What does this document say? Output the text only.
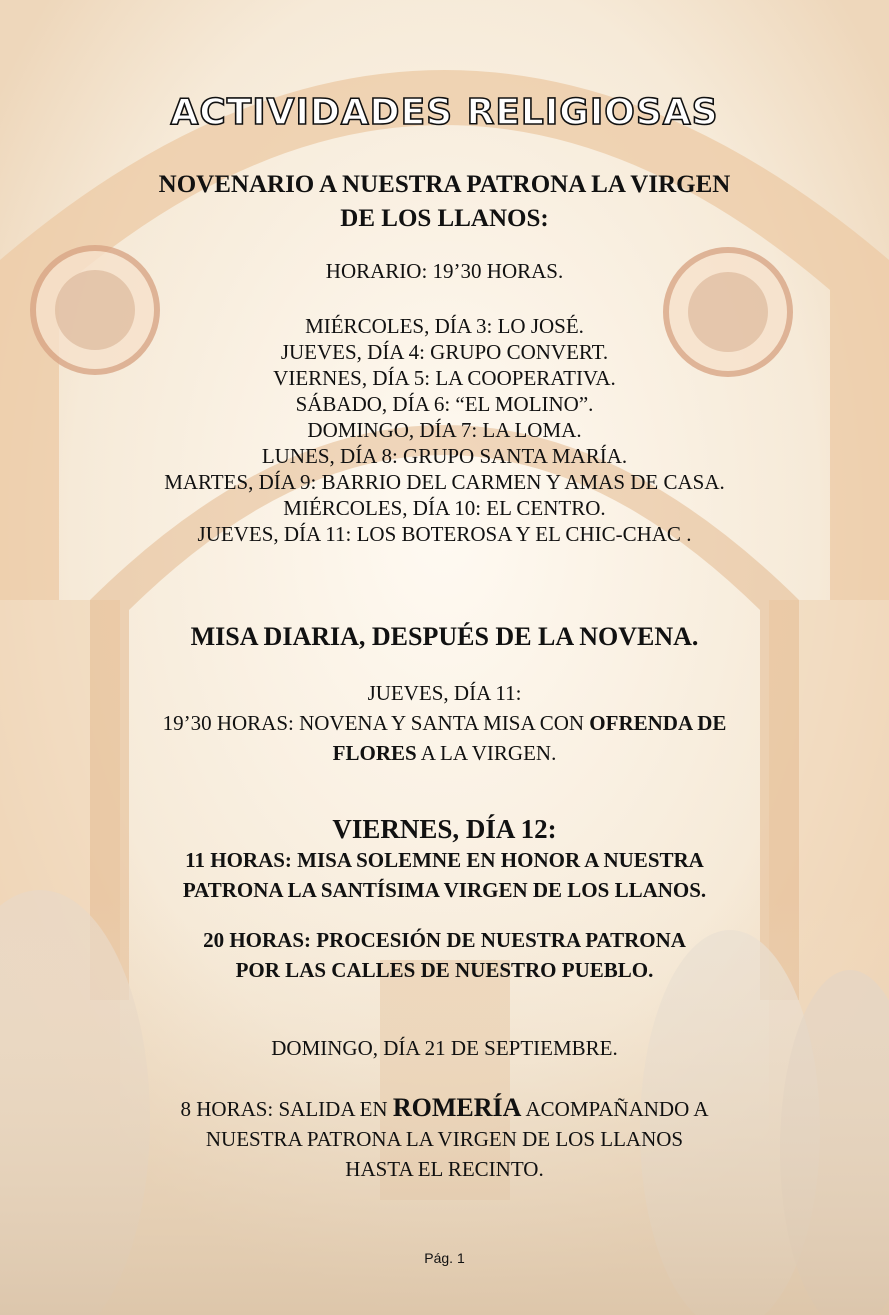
ACTIVIDADES RELIGIOSAS
NOVENARIO A NUESTRA PATRONA LA VIRGEN
DE LOS LLANOS:
HORARIO: 19’30 HORAS.
MIÉRCOLES, DÍA 3: LO JOSÉ.
JUEVES, DÍA 4: GRUPO CONVERT.
VIERNES, DÍA 5: LA COOPERATIVA.
SÁBADO, DÍA 6: “EL MOLINO”.
DOMINGO, DÍA 7: LA LOMA.
LUNES, DÍA 8: GRUPO SANTA MARÍA.
MARTES, DÍA 9: BARRIO DEL CARMEN Y AMAS DE CASA.
MIÉRCOLES, DÍA 10: EL CENTRO.
JUEVES, DÍA 11: LOS BOTEROSA Y EL CHIC-CHAC .
MISA DIARIA, DESPUÉS DE LA NOVENA.
JUEVES, DÍA 11:
19’30 HORAS: NOVENA Y SANTA MISA CON OFRENDA DE
FLORES A LA VIRGEN.
VIERNES, DÍA 12:
11 HORAS: MISA SOLEMNE EN HONOR A NUESTRA
PATRONA LA SANTÍSIMA VIRGEN DE LOS LLANOS.
20 HORAS: PROCESIÓN DE NUESTRA PATRONA
POR LAS CALLES DE NUESTRO PUEBLO.
DOMINGO, DÍA 21 DE SEPTIEMBRE.
8 HORAS: SALIDA EN ROMERÍA ACOMPAÑANDO A
NUESTRA PATRONA LA VIRGEN DE LOS LLANOS
HASTA EL RECINTO.
Pág. 1
